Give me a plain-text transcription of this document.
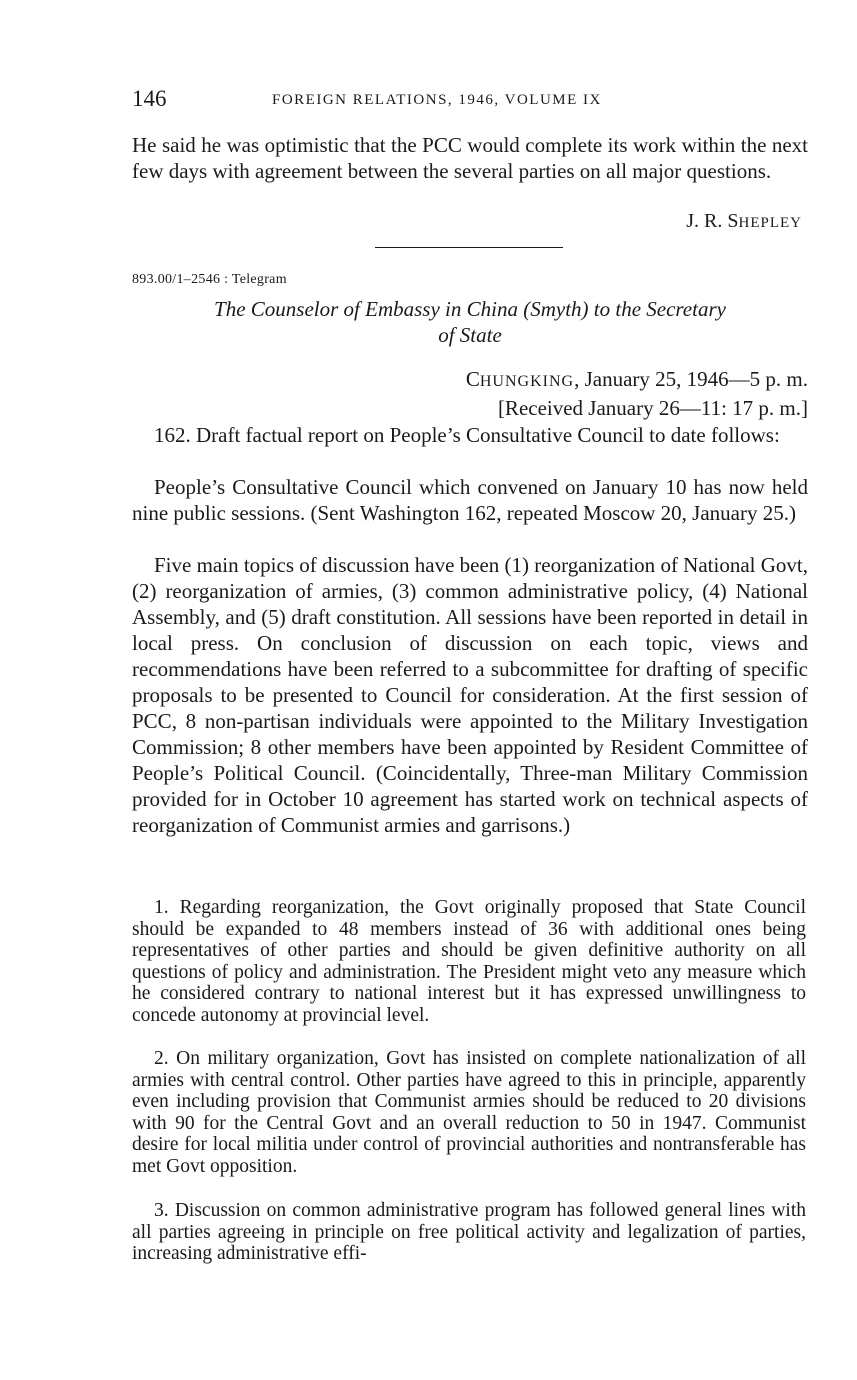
146	FOREIGN RELATIONS, 1946, VOLUME IX
He said he was optimistic that the PCC would complete its work within the next few days with agreement between the several parties on all major questions.
J. R. SHEPLEY
893.00/1–2546 : Telegram
The Counselor of Embassy in China (Smyth) to the Secretary
of State
CHUNGKING, January 25, 1946—5 p. m.
[Received January 26—11: 17 p. m.]
162. Draft factual report on People’s Consultative Council to date follows:
People’s Consultative Council which convened on January 10 has now held nine public sessions. (Sent Washington 162, repeated Moscow 20, January 25.)
Five main topics of discussion have been (1) reorganization of National Govt, (2) reorganization of armies, (3) common administrative policy, (4) National Assembly, and (5) draft constitution. All sessions have been reported in detail in local press. On conclusion of discussion on each topic, views and recommendations have been referred to a subcommittee for drafting of specific proposals to be presented to Council for consideration. At the first session of PCC, 8 non-partisan individuals were appointed to the Military Investigation Commission; 8 other members have been appointed by Resident Committee of People’s Political Council. (Coincidentally, Three-man Military Commission provided for in October 10 agreement has started work on technical aspects of reorganization of Communist armies and garrisons.)
1. Regarding reorganization, the Govt originally proposed that State Council should be expanded to 48 members instead of 36 with additional ones being representatives of other parties and should be given definitive authority on all questions of policy and administration. The President might veto any measure which he considered contrary to national interest but it has expressed unwillingness to concede autonomy at provincial level.
2. On military organization, Govt has insisted on complete nationalization of all armies with central control. Other parties have agreed to this in principle, apparently even including provision that Communist armies should be reduced to 20 divisions with 90 for the Central Govt and an overall reduction to 50 in 1947. Communist desire for local militia under control of provincial authorities and nontransferable has met Govt opposition.
3. Discussion on common administrative program has followed general lines with all parties agreeing in principle on free political activity and legalization of parties, increasing administrative effi-
